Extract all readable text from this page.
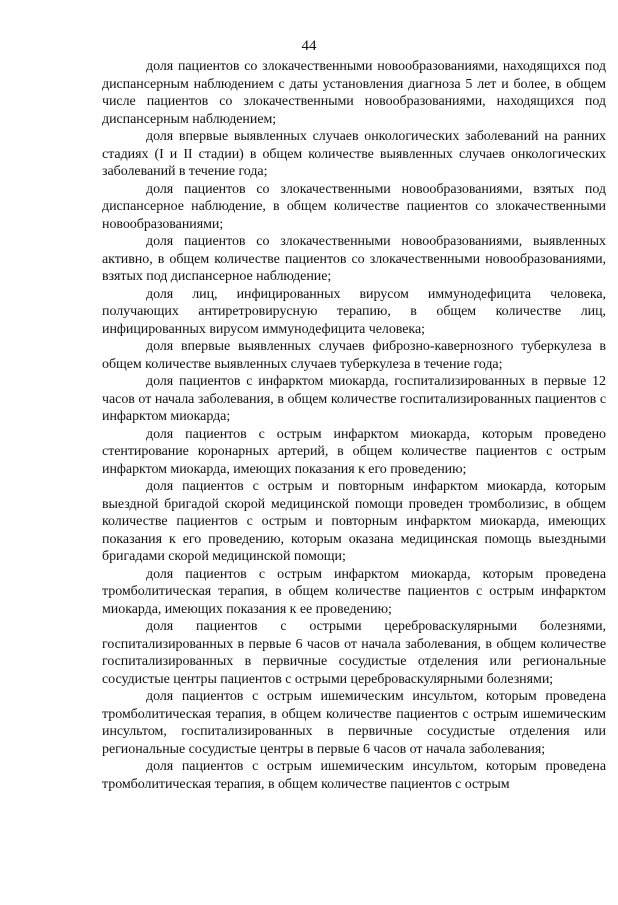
44

доля пациентов со злокачественными новообразованиями, находящихся под диспансерным наблюдением с даты установления диагноза 5 лет и более, в общем числе пациентов со злокачественными новообразованиями, находящихся под диспансерным наблюдением;

доля впервые выявленных случаев онкологических заболеваний на ранних стадиях (I и II стадии) в общем количестве выявленных случаев онкологических заболеваний в течение года;

доля пациентов со злокачественными новообразованиями, взятых под диспансерное наблюдение, в общем количестве пациентов со злокачественными новообразованиями;

доля пациентов со злокачественными новообразованиями, выявленных активно, в общем количестве пациентов со злокачественными новообразованиями, взятых под диспансерное наблюдение;

доля лиц, инфицированных вирусом иммунодефицита человека, получающих антиретровирусную терапию, в общем количестве лиц, инфицированных вирусом иммунодефицита человека;

доля впервые выявленных случаев фиброзно-кавернозного туберкулеза в общем количестве выявленных случаев туберкулеза в течение года;

доля пациентов с инфарктом миокарда, госпитализированных в первые 12 часов от начала заболевания, в общем количестве госпитализированных пациентов с инфарктом миокарда;

доля пациентов с острым инфарктом миокарда, которым проведено стентирование коронарных артерий, в общем количестве пациентов с острым инфарктом миокарда, имеющих показания к его проведению;

доля пациентов с острым и повторным инфарктом миокарда, которым выездной бригадой скорой медицинской помощи проведен тромболизис, в общем количестве пациентов с острым и повторным инфарктом миокарда, имеющих показания к его проведению, которым оказана медицинская помощь выездными бригадами скорой медицинской помощи;

доля пациентов с острым инфарктом миокарда, которым проведена тромболитическая терапия, в общем количестве пациентов с острым инфарктом миокарда, имеющих показания к ее проведению;

доля пациентов с острыми цереброваскулярными болезнями, госпитализированных в первые 6 часов от начала заболевания, в общем количестве госпитализированных в первичные сосудистые отделения или региональные сосудистые центры пациентов с острыми цереброваскулярными болезнями;

доля пациентов с острым ишемическим инсультом, которым проведена тромболитическая терапия, в общем количестве пациентов с острым ишемическим инсультом, госпитализированных в первичные сосудистые отделения или региональные сосудистые центры в первые 6 часов от начала заболевания;

доля пациентов с острым ишемическим инсультом, которым проведена тромболитическая терапия, в общем количестве пациентов с острым
